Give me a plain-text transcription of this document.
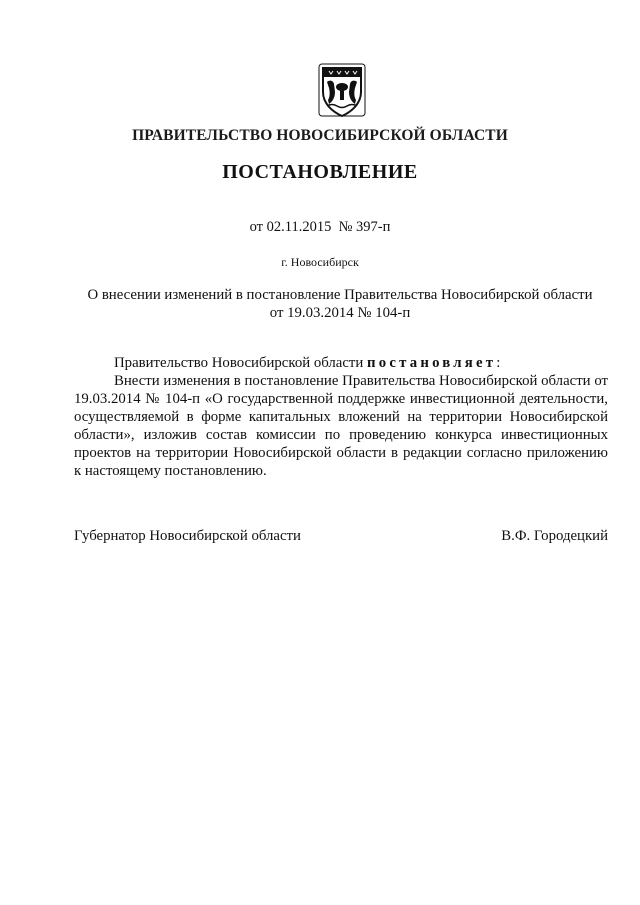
ПРАВИТЕЛЬСТВО НОВОСИБИРСКОЙ ОБЛАСТИ
ПОСТАНОВЛЕНИЕ
от 02.11.2015 № 397-п
г. Новосибирск
О внесении изменений в постановление Правительства Новосибирской области
от 19.03.2014 № 104-п
Правительство Новосибирской области постановляет:
Внести изменения в постановление Правительства Новосибирской области от 19.03.2014 № 104-п «О государственной поддержке инвестиционной деятельности, осуществляемой в форме капитальных вложений на территории Новосибирской области», изложив состав комиссии по проведению конкурса инвестиционных проектов на территории Новосибирской области в редакции согласно приложению к настоящему постановлению.
Губернатор Новосибирской области	В.Ф. Городецкий
